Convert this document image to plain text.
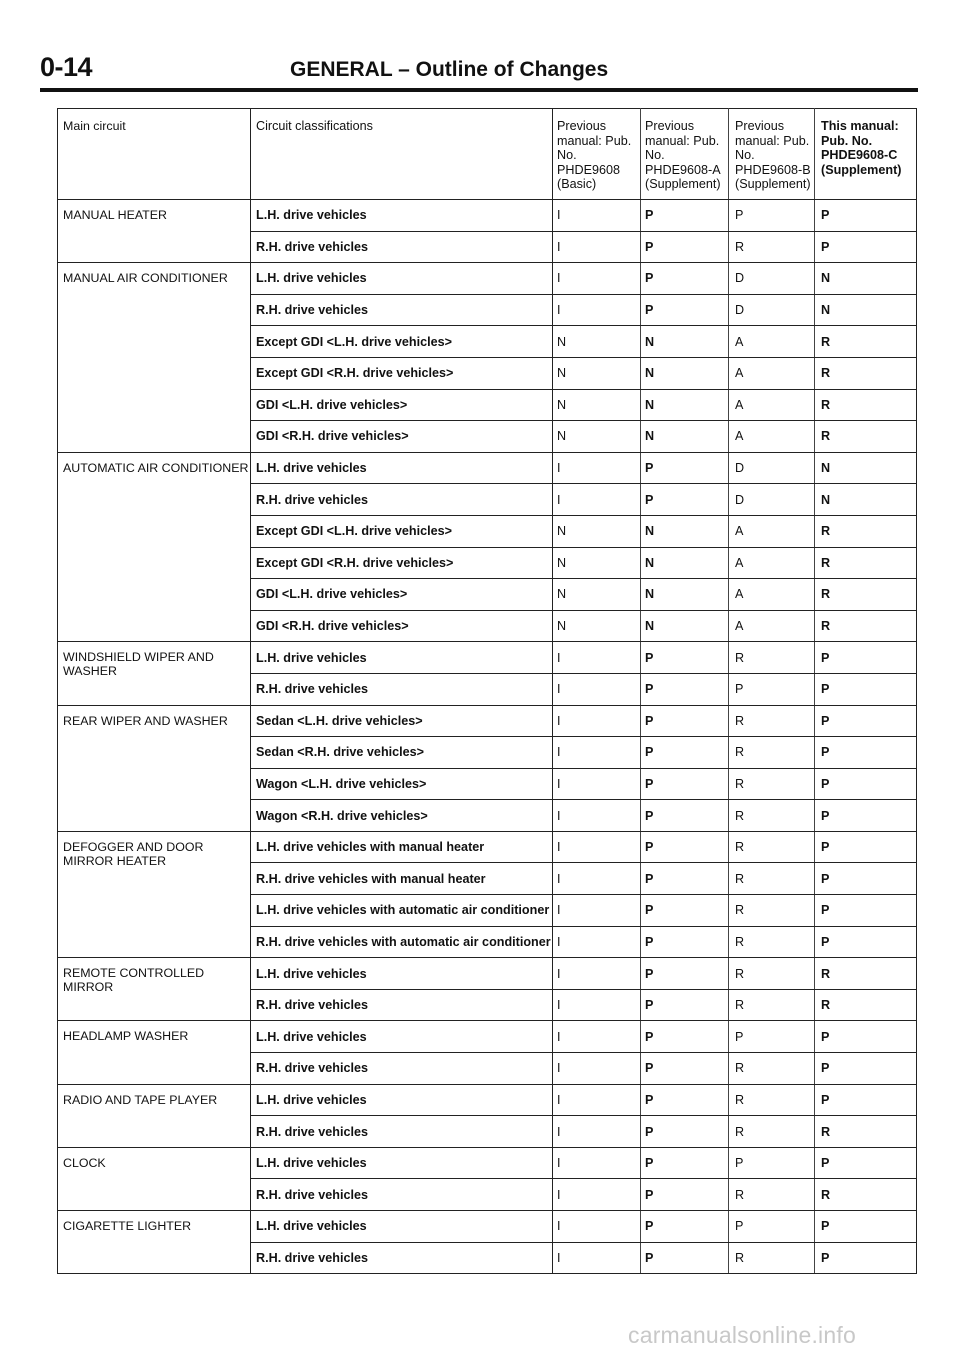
0-14	GENERAL – Outline of Changes
Main circuit	Circuit classifications	Previous manual: Pub. No. PHDE9608 (Basic)	Previous manual: Pub. No. PHDE9608-A (Supplement)	Previous manual: Pub. No. PHDE9608-B (Supplement)	This manual: Pub. No. PHDE9608-C (Supplement)
MANUAL HEATER	L.H. drive vehicles	I	P	P	P
	R.H. drive vehicles	I	P	R	P
MANUAL AIR CONDITIONER	L.H. drive vehicles	I	P	D	N
	R.H. drive vehicles	I	P	D	N
	Except GDI <L.H. drive vehicles>	N	N	A	R
	Except GDI <R.H. drive vehicles>	N	N	A	R
	GDI <L.H. drive vehicles>	N	N	A	R
	GDI <R.H. drive vehicles>	N	N	A	R
AUTOMATIC AIR CONDITIONER	L.H. drive vehicles	I	P	D	N
	R.H. drive vehicles	I	P	D	N
	Except GDI <L.H. drive vehicles>	N	N	A	R
	Except GDI <R.H. drive vehicles>	N	N	A	R
	GDI <L.H. drive vehicles>	N	N	A	R
	GDI <R.H. drive vehicles>	N	N	A	R
WINDSHIELD WIPER AND WASHER	L.H. drive vehicles	I	P	R	P
	R.H. drive vehicles	I	P	P	P
REAR WIPER AND WASHER	Sedan <L.H. drive vehicles>	I	P	R	P
	Sedan <R.H. drive vehicles>	I	P	R	P
	Wagon <L.H. drive vehicles>	I	P	R	P
	Wagon <R.H. drive vehicles>	I	P	R	P
DEFOGGER AND DOOR MIRROR HEATER	L.H. drive vehicles with manual heater	I	P	R	P
	R.H. drive vehicles with manual heater	I	P	R	P
	L.H. drive vehicles with automatic air conditioner	I	P	R	P
	R.H. drive vehicles with automatic air conditioner	I	P	R	P
REMOTE CONTROLLED MIRROR	L.H. drive vehicles	I	P	R	R
	R.H. drive vehicles	I	P	R	R
HEADLAMP WASHER	L.H. drive vehicles	I	P	P	P
	R.H. drive vehicles	I	P	R	P
RADIO AND TAPE PLAYER	L.H. drive vehicles	I	P	R	P
	R.H. drive vehicles	I	P	R	R
CLOCK	L.H. drive vehicles	I	P	P	P
	R.H. drive vehicles	I	P	R	R
CIGARETTE LIGHTER	L.H. drive vehicles	I	P	P	P
	R.H. drive vehicles	I	P	R	P
carmanualsonline.info
